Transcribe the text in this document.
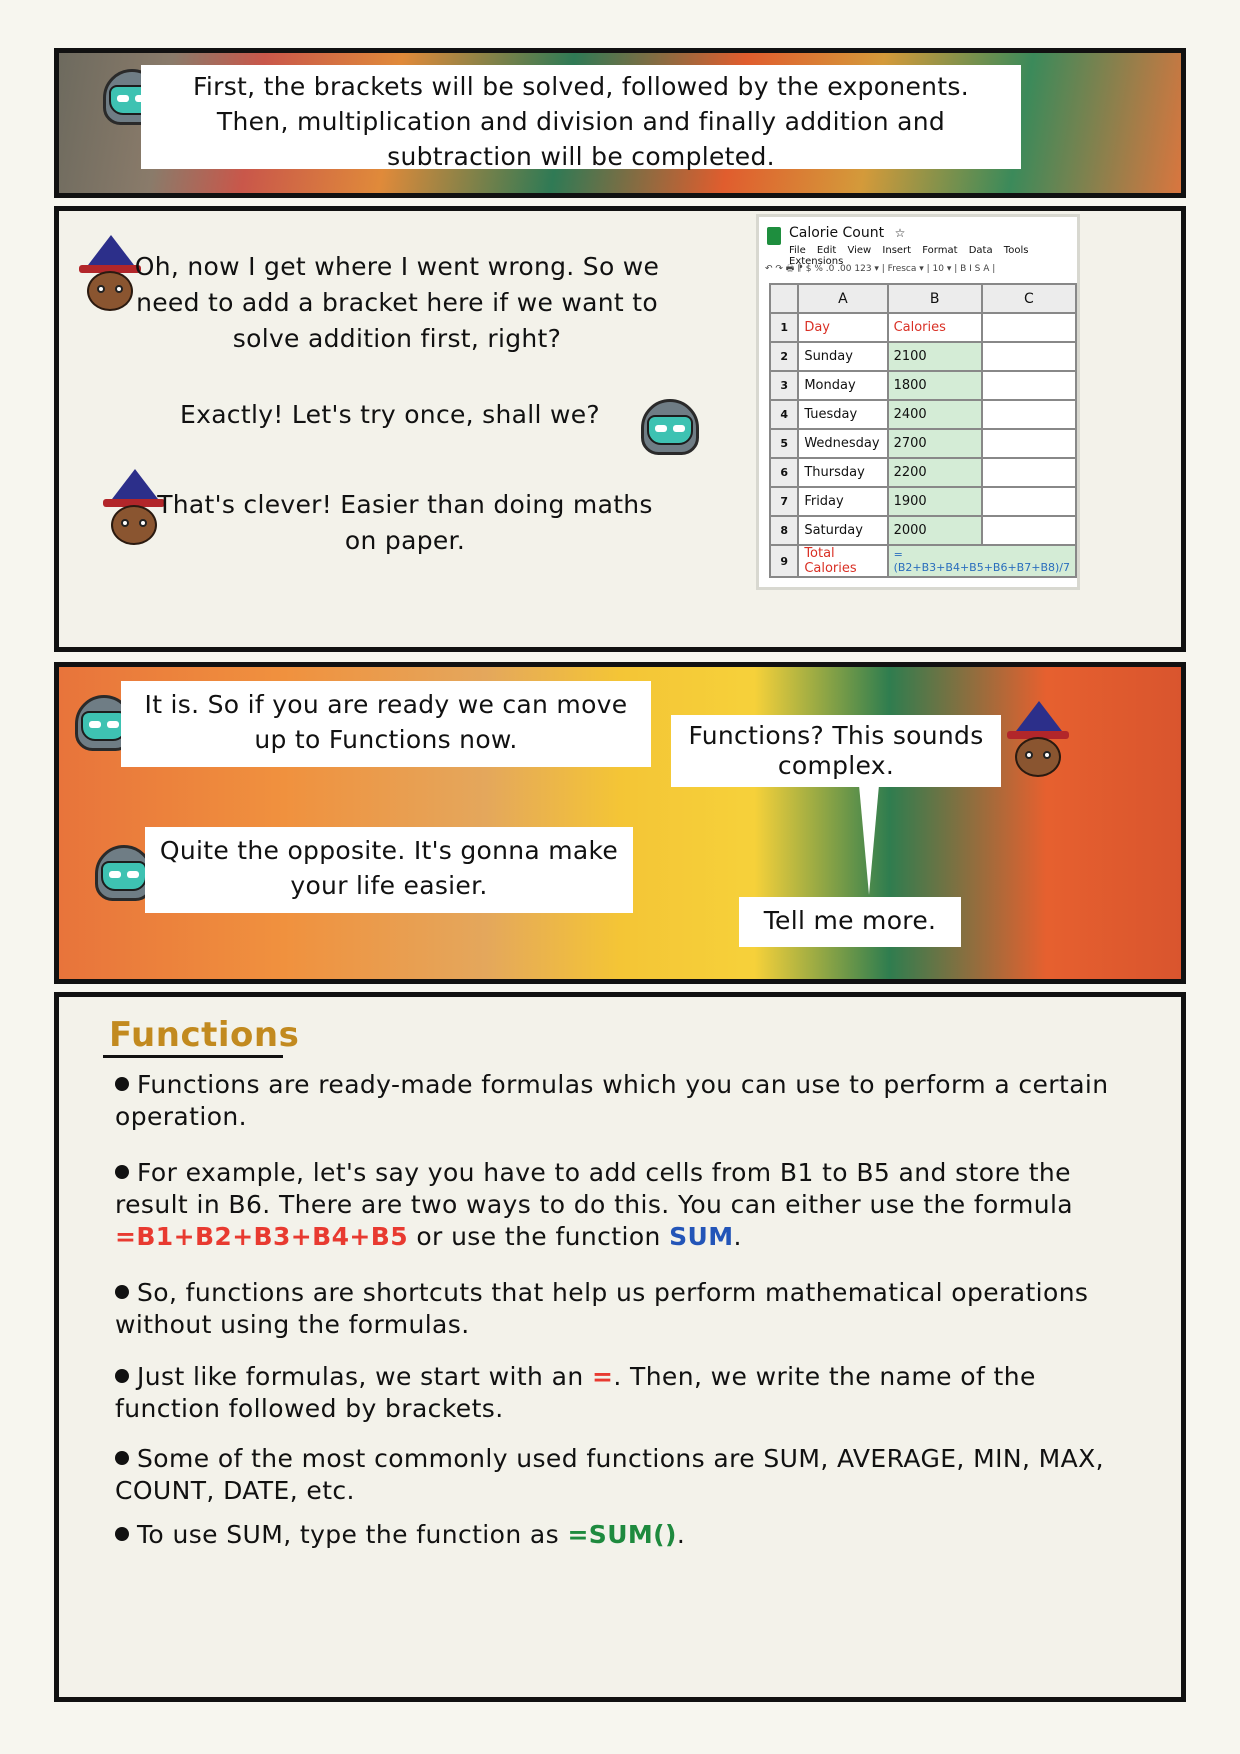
First, the brackets will be solved, followed by the exponents. Then, multiplication and division and finally addition and subtraction will be completed.
Oh, now I get where I went wrong. So we need to add a bracket here if we want to solve addition first, right?
Exactly! Let's try once, shall we?
That's clever! Easier than doing maths on paper.
Calorie Count ☆
File Edit View Insert Format Data Tools Extensions
↶ ↷ 🖶 ⁋ $ % .0 .00 123 ▾ | Fresca ▾ | 10 ▾ | B I S A |
	A	B	C
1	Day	Calories	
2	Sunday	2100	
3	Monday	1800	
4	Tuesday	2400	
5	Wednesday	2700	
6	Thursday	2200	
7	Friday	1900	
8	Saturday	2000	
9	Total Calories	=(B2+B3+B4+B5+B6+B7+B8)/7	
It is. So if you are ready we can move up to Functions now.	Functions? This sounds complex.
Quite the opposite. It's gonna make your life easier.
Tell me more.
Functions
Functions are ready-made formulas which you can use to perform a certain operation.
For example, let's say you have to add cells from B1 to B5 and store the result in B6. There are two ways to do this. You can either use the formula =B1+B2+B3+B4+B5 or use the function SUM.
So, functions are shortcuts that help us perform mathematical operations without using the formulas.
Just like formulas, we start with an =. Then, we write the name of the function followed by brackets.
Some of the most commonly used functions are SUM, AVERAGE, MIN, MAX, COUNT, DATE, etc.
To use SUM, type the function as =SUM().
